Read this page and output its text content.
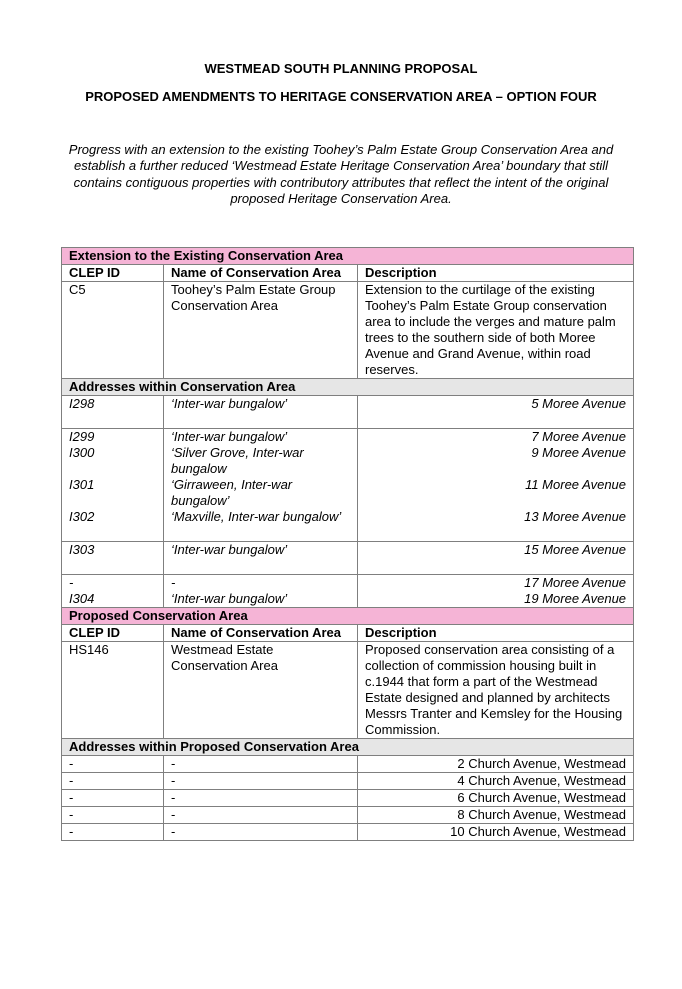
WESTMEAD SOUTH PLANNING PROPOSAL
PROPOSED AMENDMENTS TO HERITAGE CONSERVATION AREA – OPTION FOUR
Progress with an extension to the existing Toohey’s Palm Estate Group Conservation Area and establish a further reduced ‘Westmead Estate Heritage Conservation Area’ boundary that still contains contiguous properties with contributory attributes that reflect the intent of the original proposed Heritage Conservation Area.
Extension to the Existing Conservation Area		
CLEP ID	Name of Conservation Area	Description
C5	Toohey’s Palm Estate Group Conservation Area	Extension to the curtilage of the existing Toohey’s Palm Estate Group conservation area to include the verges and mature palm trees to the southern side of both Moree Avenue and Grand Avenue, within road reserves.
Addresses within Conservation Area		
I298	‘Inter-war bungalow’	5 Moree Avenue

I299	‘Inter-war bungalow’	7 Moree Avenue
I300	‘Silver Grove, Inter-war bungalow	9 Moree Avenue
I301	‘Girraween, Inter-war bungalow’	11 Moree Avenue
I302	‘Maxville, Inter-war bungalow’	13 Moree Avenue

I303	‘Inter-war bungalow’	15 Moree Avenue

-	-	17 Moree Avenue
I304	‘Inter-war bungalow’	19 Moree Avenue
Proposed Conservation Area		
CLEP ID	Name of Conservation Area	Description
HS146	Westmead Estate Conservation Area	Proposed conservation area consisting of a collection of commission housing built in c.1944 that form a part of the Westmead Estate designed and planned by architects Messrs Tranter and Kemsley for the Housing Commission.
Addresses within Proposed Conservation Area		
-	-	2 Church Avenue, Westmead
-	-	4 Church Avenue, Westmead
-	-	6 Church Avenue, Westmead
-	-	8 Church Avenue, Westmead
-	-	10 Church Avenue, Westmead
